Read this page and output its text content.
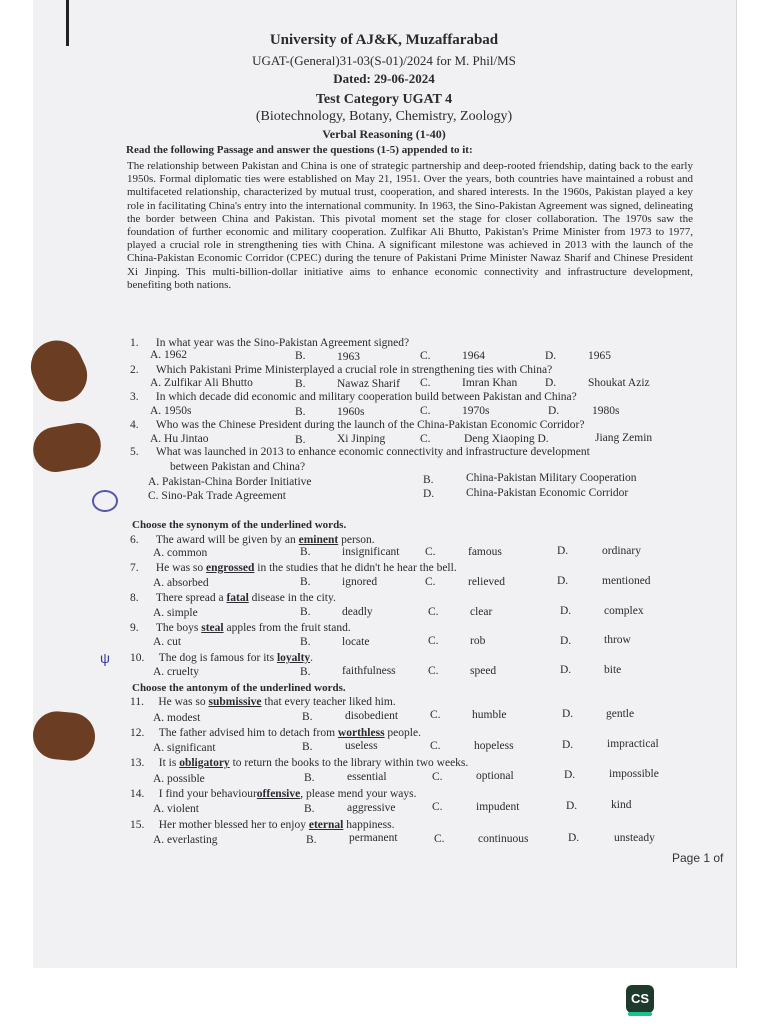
University of AJ&K, Muzaffarabad
UGAT-(General)31-03(S-01)/2024 for M. Phil/MS
Dated: 29-06-2024
Test Category UGAT 4
(Biotechnology, Botany, Chemistry, Zoology)
Verbal Reasoning (1-40)
Read the following Passage and answer the questions (1-5) appended to it:
The relationship between Pakistan and China is one of strategic partnership and deep-rooted friendship, dating back to the early 1950s. Formal diplomatic ties were established on May 21, 1951. Over the years, both countries have maintained a robust and multifaceted relationship, characterized by mutual trust, cooperation, and shared interests. In the 1960s, Pakistan played a key role in facilitating China's entry into the international community. In 1963, the Sino-Pakistan Agreement was signed, delineating the border between China and Pakistan. This pivotal moment set the stage for closer collaboration. The 1970s saw the foundation of further economic and military cooperation. Zulfikar Ali Bhutto, Pakistan's Prime Minister from 1973 to 1977, played a crucial role in strengthening ties with China. A significant milestone was achieved in 2013 with the launch of the China-Pakistan Economic Corridor (CPEC) during the tenure of Pakistani Prime Minister Nawaz Sharif and Chinese President Xi Jinping. This multi-billion-dollar initiative aims to enhance economic connectivity and infrastructure development, benefiting both nations.
1. In what year was the Sino-Pakistan Agreement signed?
A. 1962	B.	1963	C.	1964	D.	1965
2. Which Pakistani Prime Ministerplayed a crucial role in strengthening ties with China?
A. Zulfikar Ali Bhutto	B.	Nawaz Sharif C.	Imran Khan D.	Shoukat Aziz
3. In which decade did economic and military cooperation build between Pakistan and China?
A. 1950s	B.	1960s	C.	1970s	D.	1980s
4. Who was the Chinese President during the launch of the China-Pakistan Economic Corridor?
A. Hu Jintao	B.	Xi Jinping	C.	Deng Xiaoping D.	Jiang Zemin
5. What was launched in 2013 to enhance economic connectivity and infrastructure development
between Pakistan and China?
A. Pakistan-China Border Initiative	B.	China-Pakistan Military Cooperation
C. Sino-Pak Trade Agreement	D.	China-Pakistan Economic Corridor
Choose the synonym of the underlined words.
6. The award will be given by an eminent person.
A. common	B.	insignificant C.	famous	D.	ordinary
7. He was so engrossed in the studies that he didn't he hear the bell.
A. absorbed	B.	ignored	C.	relieved	D.	mentioned
8. There spread a fatal disease in the city.
A. simple	B.	deadly	C.	clear	D.	complex
9. The boys steal apples from the fruit stand.
A. cut	B.	locate	C.	rob	D.	throw
ψ 10. The dog is famous for its loyalty.
A. cruelty	B.	faithfulness	C.	speed	D.	bite
Choose the antonym of the underlined words.
11. He was so submissive that every teacher liked him.
A. modest	B.	disobedient	C.	humble	D.	gentle
12. The father advised him to detach from worthless people.
A. significant	B.	useless	C.	hopeless	D.	impractical
13. It is obligatory to return the books to the library within two weeks.
A. possible	B.	essential	C.	optional	D.	impossible
14. I find your behaviouroffensive, please mend your ways.
A. violent	B.	aggressive	C.	impudent	D.	kind
15. Her mother blessed her to enjoy eternal happiness.
A. everlasting	B.	permanent	C.	continuous	D.	unsteady
Page 1 of
CS
